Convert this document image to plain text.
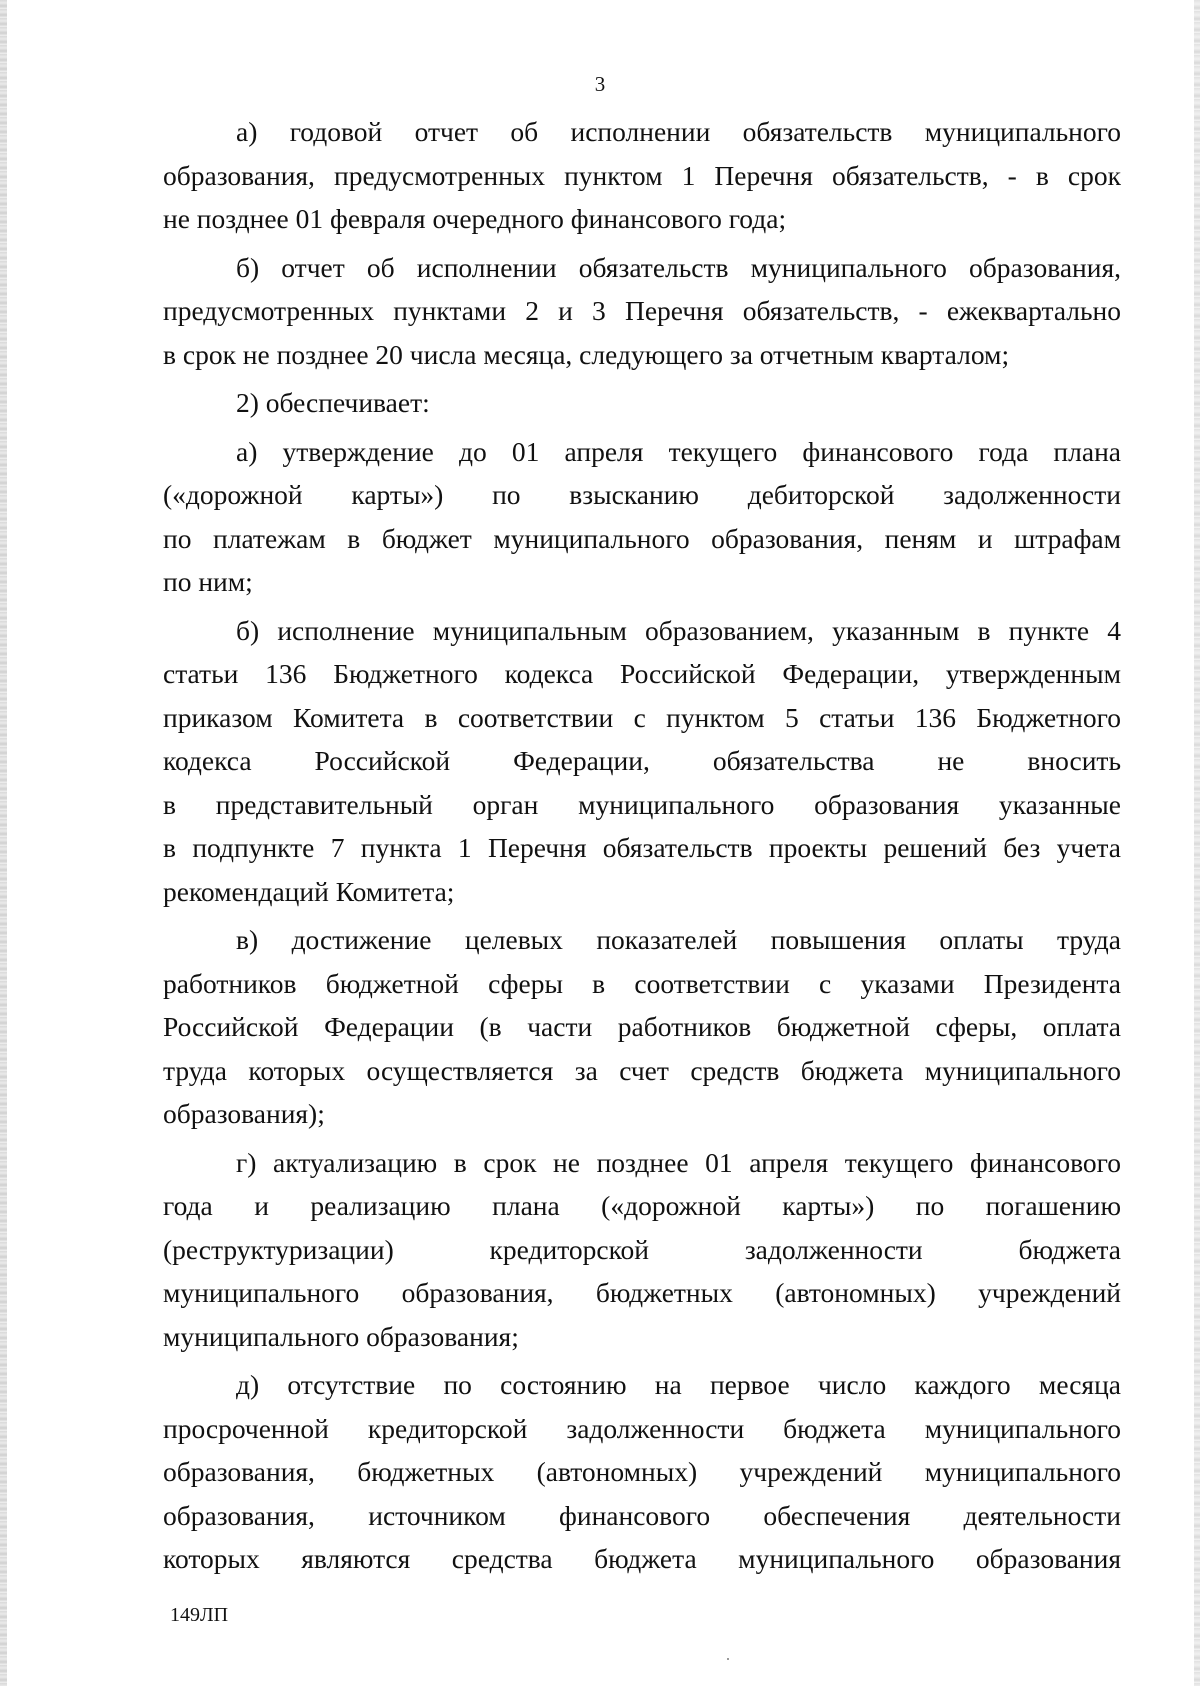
3
а) годовой отчет об исполнении обязательств муниципального
образования, предусмотренных пунктом 1 Перечня обязательств, - в срок
не позднее 01 февраля очередного финансового года;
б) отчет об исполнении обязательств муниципального образования,
предусмотренных пунктами 2 и 3 Перечня обязательств, - ежеквартально
в срок не позднее 20 числа месяца, следующего за отчетным кварталом;
2) обеспечивает:
а) утверждение до 01 апреля текущего финансового года плана
(«дорожной карты») по взысканию дебиторской задолженности
по платежам в бюджет муниципального образования, пеням и штрафам
по ним;
б) исполнение муниципальным образованием, указанным в пункте 4
статьи 136 Бюджетного кодекса Российской Федерации, утвержденным
приказом Комитета в соответствии с пунктом 5 статьи 136 Бюджетного
кодекса Российской Федерации, обязательства не вносить
в представительный орган муниципального образования указанные
в подпункте 7 пункта 1 Перечня обязательств проекты решений без учета
рекомендаций Комитета;
в) достижение целевых показателей повышения оплаты труда
работников бюджетной сферы в соответствии с указами Президента
Российской Федерации (в части работников бюджетной сферы, оплата
труда которых осуществляется за счет средств бюджета муниципального
образования);
г) актуализацию в срок не позднее 01 апреля текущего финансового
года и реализацию плана («дорожной карты») по погашению
(реструктуризации) кредиторской задолженности бюджета
муниципального образования, бюджетных (автономных) учреждений
муниципального образования;
д) отсутствие по состоянию на первое число каждого месяца
просроченной кредиторской задолженности бюджета муниципального
образования, бюджетных (автономных) учреждений муниципального
образования, источником финансового обеспечения деятельности
которых являются средства бюджета муниципального образования
149ЛП
